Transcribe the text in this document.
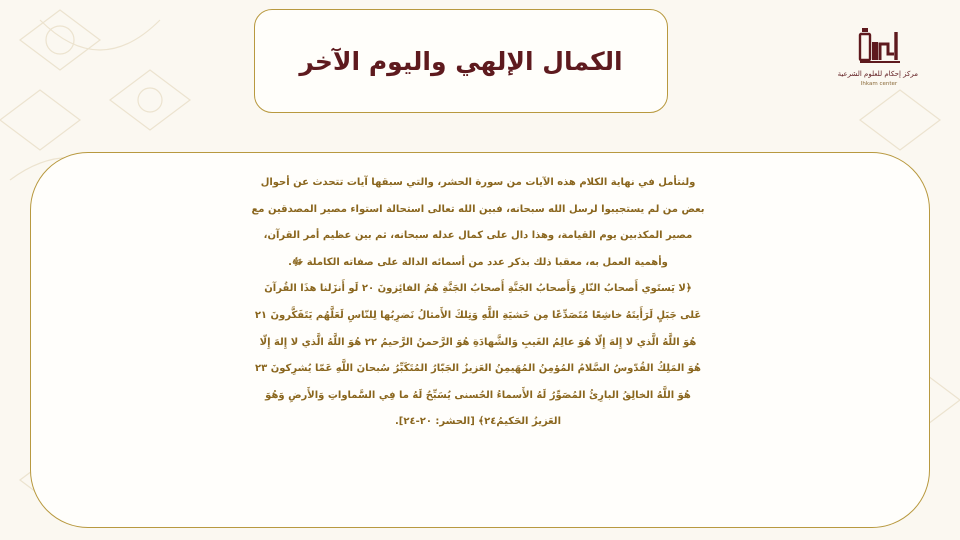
الكمال الإلهي واليوم الآخر	مركز إحكام للعلوم الشرعية
Ihkam center
ولنتأمل في نهاية الكلام هذه الآيات من سورة الحشر، والتي سبقها آيات تتحدث عن أحوال
بعض من لم يستجيبوا لرسل الله سبحانه، فبين الله تعالى استحالة استواء مصير المصدقين مع
مصير المكذبين يوم القيامة، وهذا دال على كمال عدله سبحانه، ثم بين عظيم أمر القرآن،
وأهمية العمل به، معقبا ذلك بذكر عدد من أسمائه الدالة على صفاته الكاملة ﷻ.
﴿لا يَستَوي أَصحابُ النّارِ وَأَصحابُ الجَنَّةِ أَصحابُ الجَنَّةِ هُمُ الفائِزونَ ٢٠ لَو أَنزَلنا هذَا القُرآنَ
عَلى جَبَلٍ لَرَأَيتَهُ خاشِعًا مُتَصَدِّعًا مِن خَشيَةِ اللَّهِ وَتِلكَ الأَمثالُ نَضرِبُها لِلنّاسِ لَعَلَّهُم يَتَفَكَّرونَ ٢١
هُوَ اللَّهُ الَّذي لا إِلهَ إِلّا هُوَ عالِمُ الغَيبِ وَالشَّهادَةِ هُوَ الرَّحمنُ الرَّحيمُ ٢٢ هُوَ اللَّهُ الَّذي لا إِلهَ إِلّا
هُوَ المَلِكُ القُدّوسُ السَّلامُ المُؤمِنُ المُهَيمِنُ العَزيزُ الجَبّارُ المُتَكَبِّرُ سُبحانَ اللَّهِ عَمّا يُشرِكونَ ٢٣
هُوَ اللَّهُ الخالِقُ البارِئُ المُصَوِّرُ لَهُ الأَسماءُ الحُسنى يُسَبِّحُ لَهُ ما فِي السَّماواتِ وَالأَرضِ وَهُوَ
العَزيزُ الحَكيمُ٢٤﴾ [الحشر: ٢٠-٢٤].
